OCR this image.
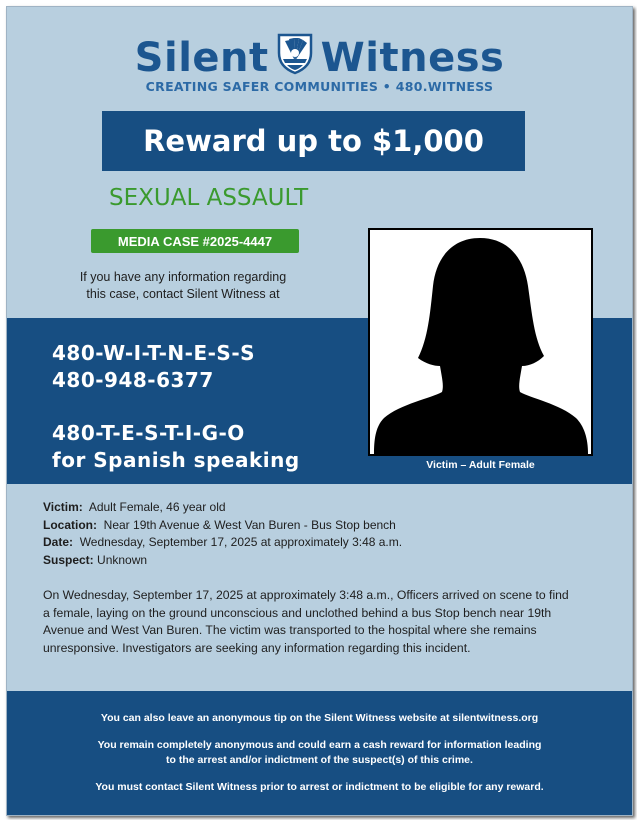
Silent Witness
CREATING SAFER COMMUNITIES • 480.WITNESS
Reward up to $1,000
SEXUAL ASSAULT
MEDIA CASE #2025-4447
If you have any information regarding
this case, contact Silent Witness at
480-W-I-T-N-E-S-S
480-948-6377
480-T-E-S-T-I-G-O
for Spanish speaking	Victim – Adult Female
Victim: Adult Female, 46 year old
Location: Near 19th Avenue & West Van Buren - Bus Stop bench
Date: Wednesday, September 17, 2025 at approximately 3:48 a.m.
Suspect: Unknown
On Wednesday, September 17, 2025 at approximately 3:48 a.m., Officers arrived on scene to find
a female, laying on the ground unconscious and unclothed behind a bus Stop bench near 19th
Avenue and West Van Buren. The victim was transported to the hospital where she remains
unresponsive. Investigators are seeking any information regarding this incident.

You can also leave an anonymous tip on the Silent Witness website at silentwitness.org

You remain completely anonymous and could earn a cash reward for information leading

to the arrest and/or indictment of the suspect(s) of this crime.

You must contact Silent Witness prior to arrest or indictment to be eligible for any reward.
